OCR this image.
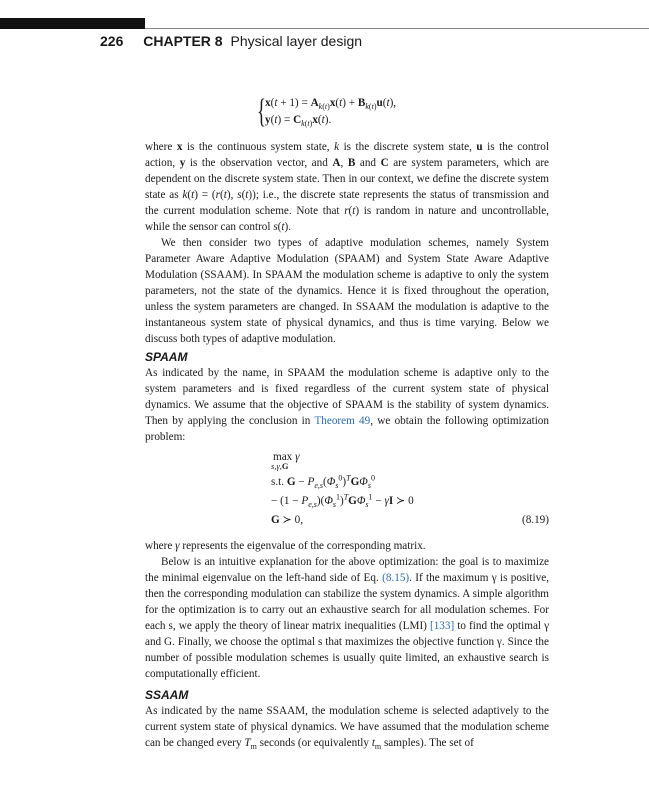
226 CHAPTER 8 Physical layer design
{ $x(t + 1) = A_{k(t)}x(t) + B_{k(t)}u(t)$,
$y(t) = C_{k(t)}x(t)$.

where x is the continuous system state, k is the discrete system state, u is the control action, y is the observation vector, and A, B and C are system parameters, which are dependent on the discrete system state. Then in our context, we define the discrete system state as k(t) = (r(t), s(t)); i.e., the discrete state represents the status of transmission and the current modulation scheme. Note that r(t) is random in nature and uncontrollable, while the sensor can control s(t).

We then consider two types of adaptive modulation schemes, namely System Parameter Aware Adaptive Modulation (SPAAM) and System State Aware Adaptive Modulation (SSAAM). In SPAAM the modulation scheme is adaptive to only the system parameters, not the state of the dynamics. Hence it is fixed throughout the operation, unless the system parameters are changed. In SSAAM the modulation is adaptive to the instantaneous system state of physical dynamics, and thus is time varying. Below we discuss both types of adaptive modulation.

SPAAM

As indicated by the name, in SPAAM the modulation scheme is adaptive only to the system parameters and is fixed regardless of the current system state of physical dynamics. We assume that the objective of SPAAM is the stability of system dynamics. Then by applying the conclusion in Theorem 49, we obtain the following optimization problem:

max γ
s,γ,G
s.t. $G - P_{e,s}(\Phi_s^0)^TG\Phi_s^0$
− $(1 - P_{e,s})(\Phi_s^1)^TG\Phi_s^1 - \gamma I$ ≻ 0
G ≻ 0,	(8.19)

where γ represents the eigenvalue of the corresponding matrix.

Below is an intuitive explanation for the above optimization: the goal is to maximize the minimal eigenvalue on the left-hand side of Eq. (8.15). If the maximum γ is positive, then the corresponding modulation can stabilize the system dynamics. A simple algorithm for the optimization is to carry out an exhaustive search for all modulation schemes. For each s, we apply the theory of linear matrix inequalities (LMI) [133] to find the optimal γ and G. Finally, we choose the optimal s that maximizes the objective function γ. Since the number of possible modulation schemes is usually quite limited, an exhaustive search is computationally efficient.

SSAAM

As indicated by the name SSAAM, the modulation scheme is selected adaptively to the current system state of physical dynamics. We have assumed that the modulation scheme can be changed every $T_m$ seconds (or equivalently $t_m$ samples). The set of
